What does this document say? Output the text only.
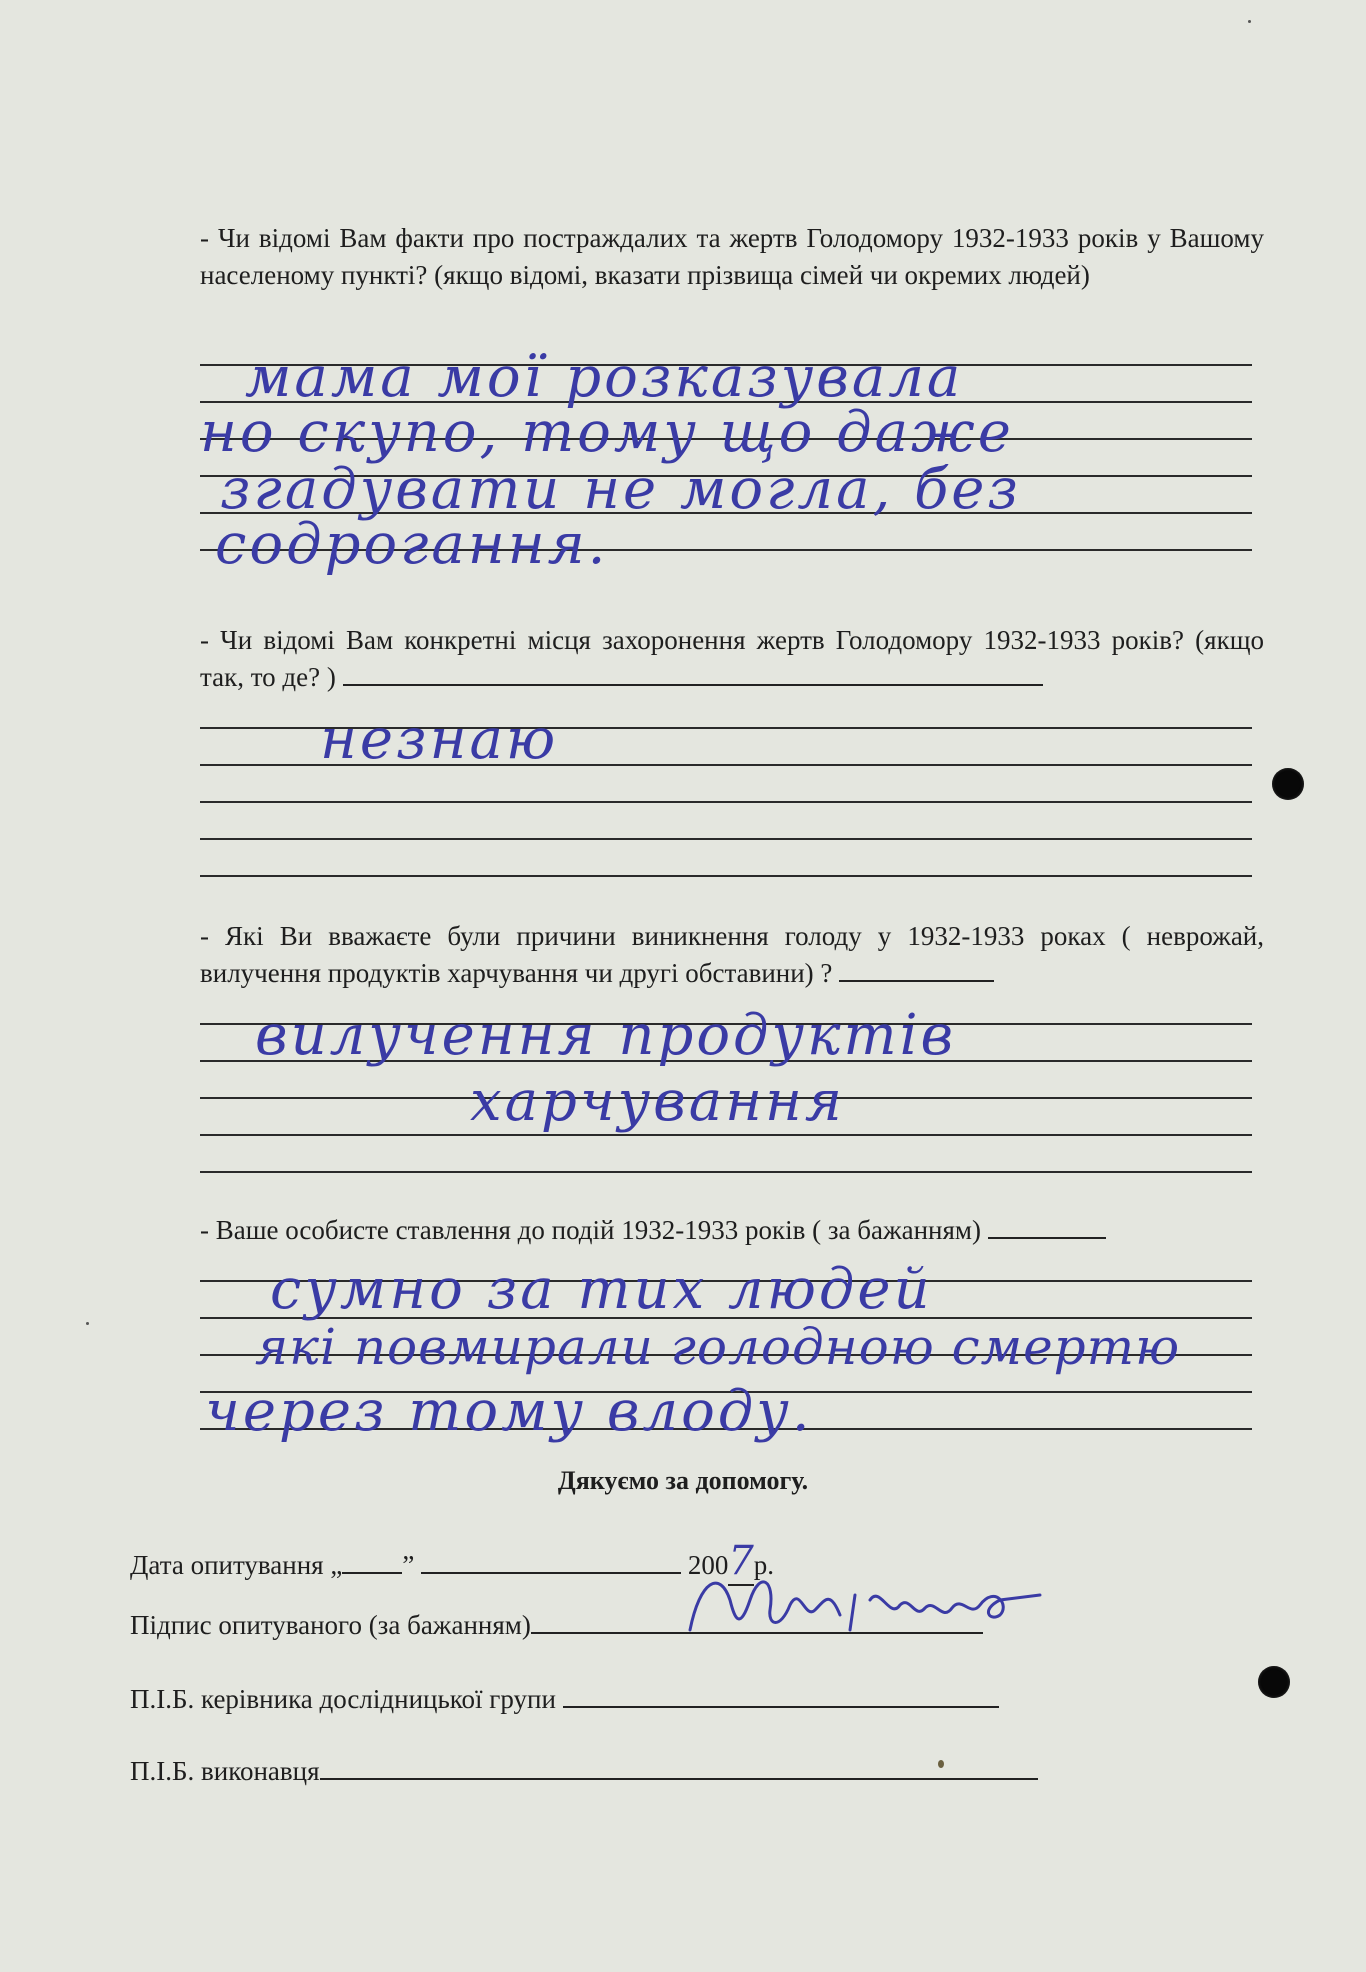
- Чи відомі Вам факти про постраждалих та жертв Голодомору 1932-1933 років у Вашому населеному пункті? (якщо відомі, вказати прізвища сімей чи окремих людей)

мама мої розказувала

но скупо, тому що даже

згадувати не могла, без

содрогання.

- Чи відомі Вам конкретні місця захоронення жертв Голодомору 1932-1933 років? (якщо так, то де? )

незнаю

- Які Ви вважаєте були причини виникнення голоду у 1932-1933 роках ( неврожай, вилучення продуктів харчування чи другі обставини) ?

вилучення продуктів

харчування

- Ваше особисте ставлення до подій 1932-1933 років ( за бажанням)

сумно за тих людей

які повмирали голодною смертю

через тому влоду.

Дякуємо за допомогу.
Дата опитування „ ”	2007р.
Підпис опитуваного (за бажанням)
П.І.Б. керівника дослідницької групи
П.І.Б. виконавця
